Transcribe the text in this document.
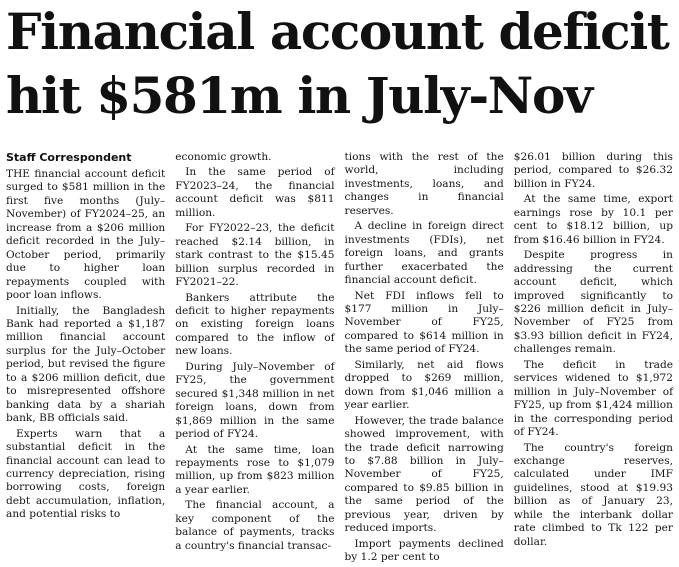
Financial account deficit
hit $581m in July-Nov
Staff Correspondent

THE financial account deficit surged to $581 million in the first five months (July–November) of FY2024–25, an increase from a $206 million deficit recorded in the July–October period, primarily due to higher loan repayments coupled with poor loan inflows.

Initially, the Bangladesh Bank had reported a $1,187 million financial account surplus for the July–October period, but revised the figure to a $206 million deficit, due to misrepresented offshore banking data by a shariah bank, BB officials said.

Experts warn that a substantial deficit in the financial account can lead to currency depreciation, rising borrowing costs, foreign debt accumulation, inflation, and potential risks to

economic growth.

In the same period of FY2023–24, the financial account deficit was $811 million.

For FY2022–23, the deficit reached $2.14 billion, in stark contrast to the $15.45 billion surplus recorded in FY2021–22.

Bankers attribute the deficit to higher repayments on existing foreign loans compared to the inflow of new loans.

During July–November of FY25, the government secured $1,348 million in net foreign loans, down from $1,869 million in the same period of FY24.

At the same time, loan repayments rose to $1,079 million, up from $823 million a year earlier.

The financial account, a key component of the balance of payments, tracks a country's financial transac-

tions with the rest of the world, including investments, loans, and changes in financial reserves.

A decline in foreign direct investments (FDIs), net foreign loans, and grants further exacerbated the financial account deficit.

Net FDI inflows fell to $177 million in July–November of FY25, compared to $614 million in the same period of FY24.

Similarly, net aid flows dropped to $269 million, down from $1,046 million a year earlier.

However, the trade balance showed improvement, with the trade deficit narrowing to $7.88 billion in July–November of FY25, compared to $9.85 billion in the same period of the previous year, driven by reduced imports.

Import payments declined by 1.2 per cent to

$26.01 billion during this period, compared to $26.32 billion in FY24.

At the same time, export earnings rose by 10.1 per cent to $18.12 billion, up from $16.46 billion in FY24.

Despite progress in addressing the current account deficit, which improved significantly to $226 million deficit in July–November of FY25 from $3.93 billion deficit in FY24, challenges remain.

The deficit in trade services widened to $1,972 million in July–November of FY25, up from $1,424 million in the corresponding period of FY24.

The country's foreign exchange reserves, calculated under IMF guidelines, stood at $19.93 billion as of January 23, while the interbank dollar rate climbed to Tk 122 per dollar.
